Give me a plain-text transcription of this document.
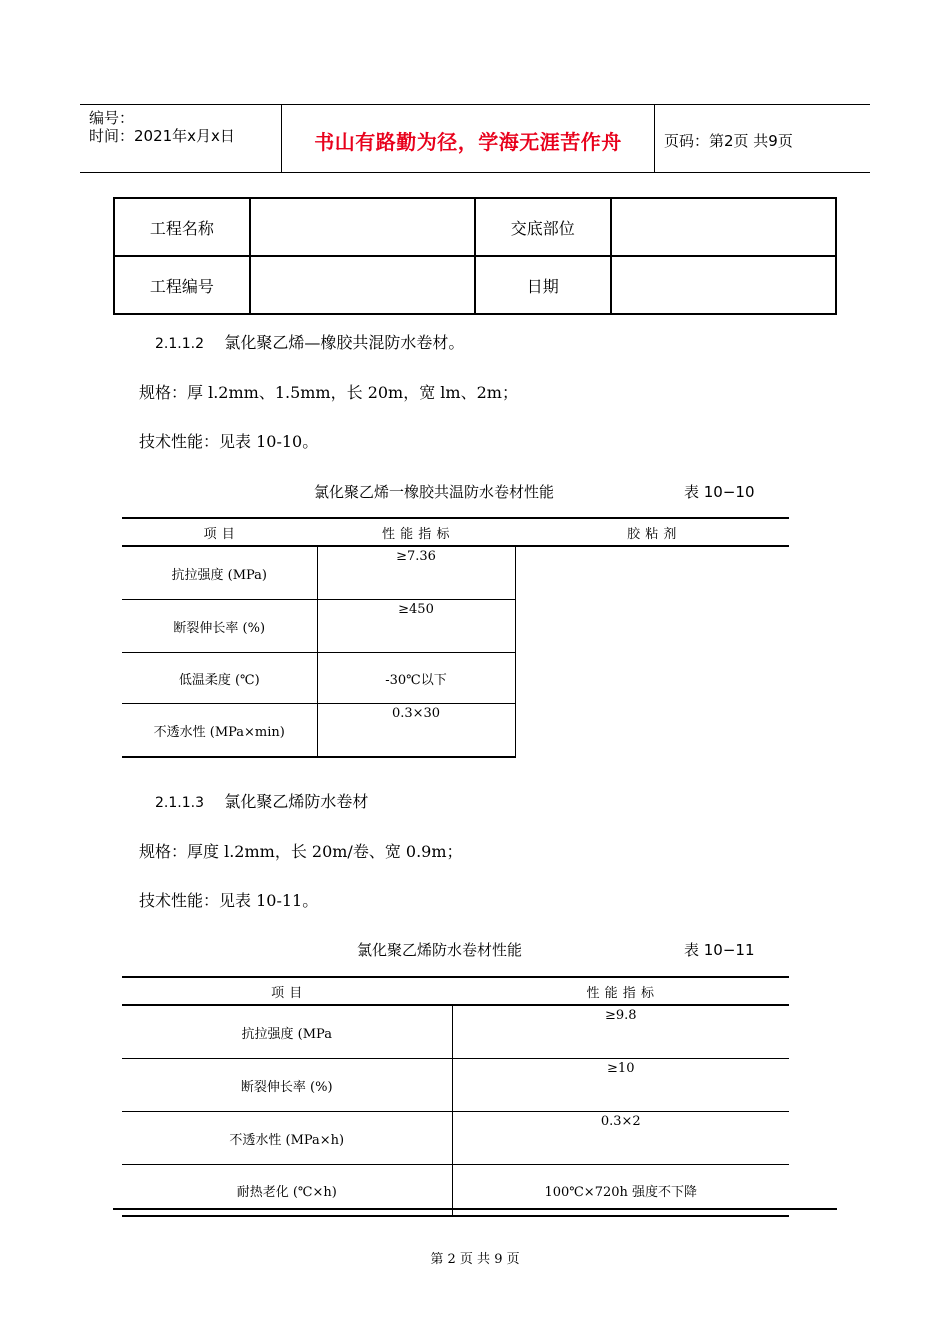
编号：
时间：2021年x月x日	书山有路勤为径，学海无涯苦作舟	页码：第2页 共9页
工程名称		交底部位	
工程编号		日期	
2.1.1.2 氯化聚乙烯—橡胶共混防水卷材。
规格：厚 l.2mm、1.5mm，长 20m，宽 lm、2m；
技术性能：见表 10-10。
氯化聚乙烯一橡胶共温防水卷材性能	表 10−10
项 目	性 能 指 标	胶 粘 剂
抗拉强度 (MPa)	≥7.36	
断裂伸长率 (%)	≥450	
低温柔度 (℃)	-30℃以下	
不透水性 (MPa×min)	0.3×30	
2.1.1.3 氯化聚乙烯防水卷材
规格：厚度 l.2mm，长 20m/卷、宽 0.9m；
技术性能：见表 10-11。
氯化聚乙烯防水卷材性能	表 10−11
项 目	性 能 指 标
抗拉强度 (MPa	≥9.8
断裂伸长率 (%)	≥10
不透水性 (MPa×h)	0.3×2
耐热老化 (℃×h)	100℃×720h 强度不下降
第 2 页 共 9 页
